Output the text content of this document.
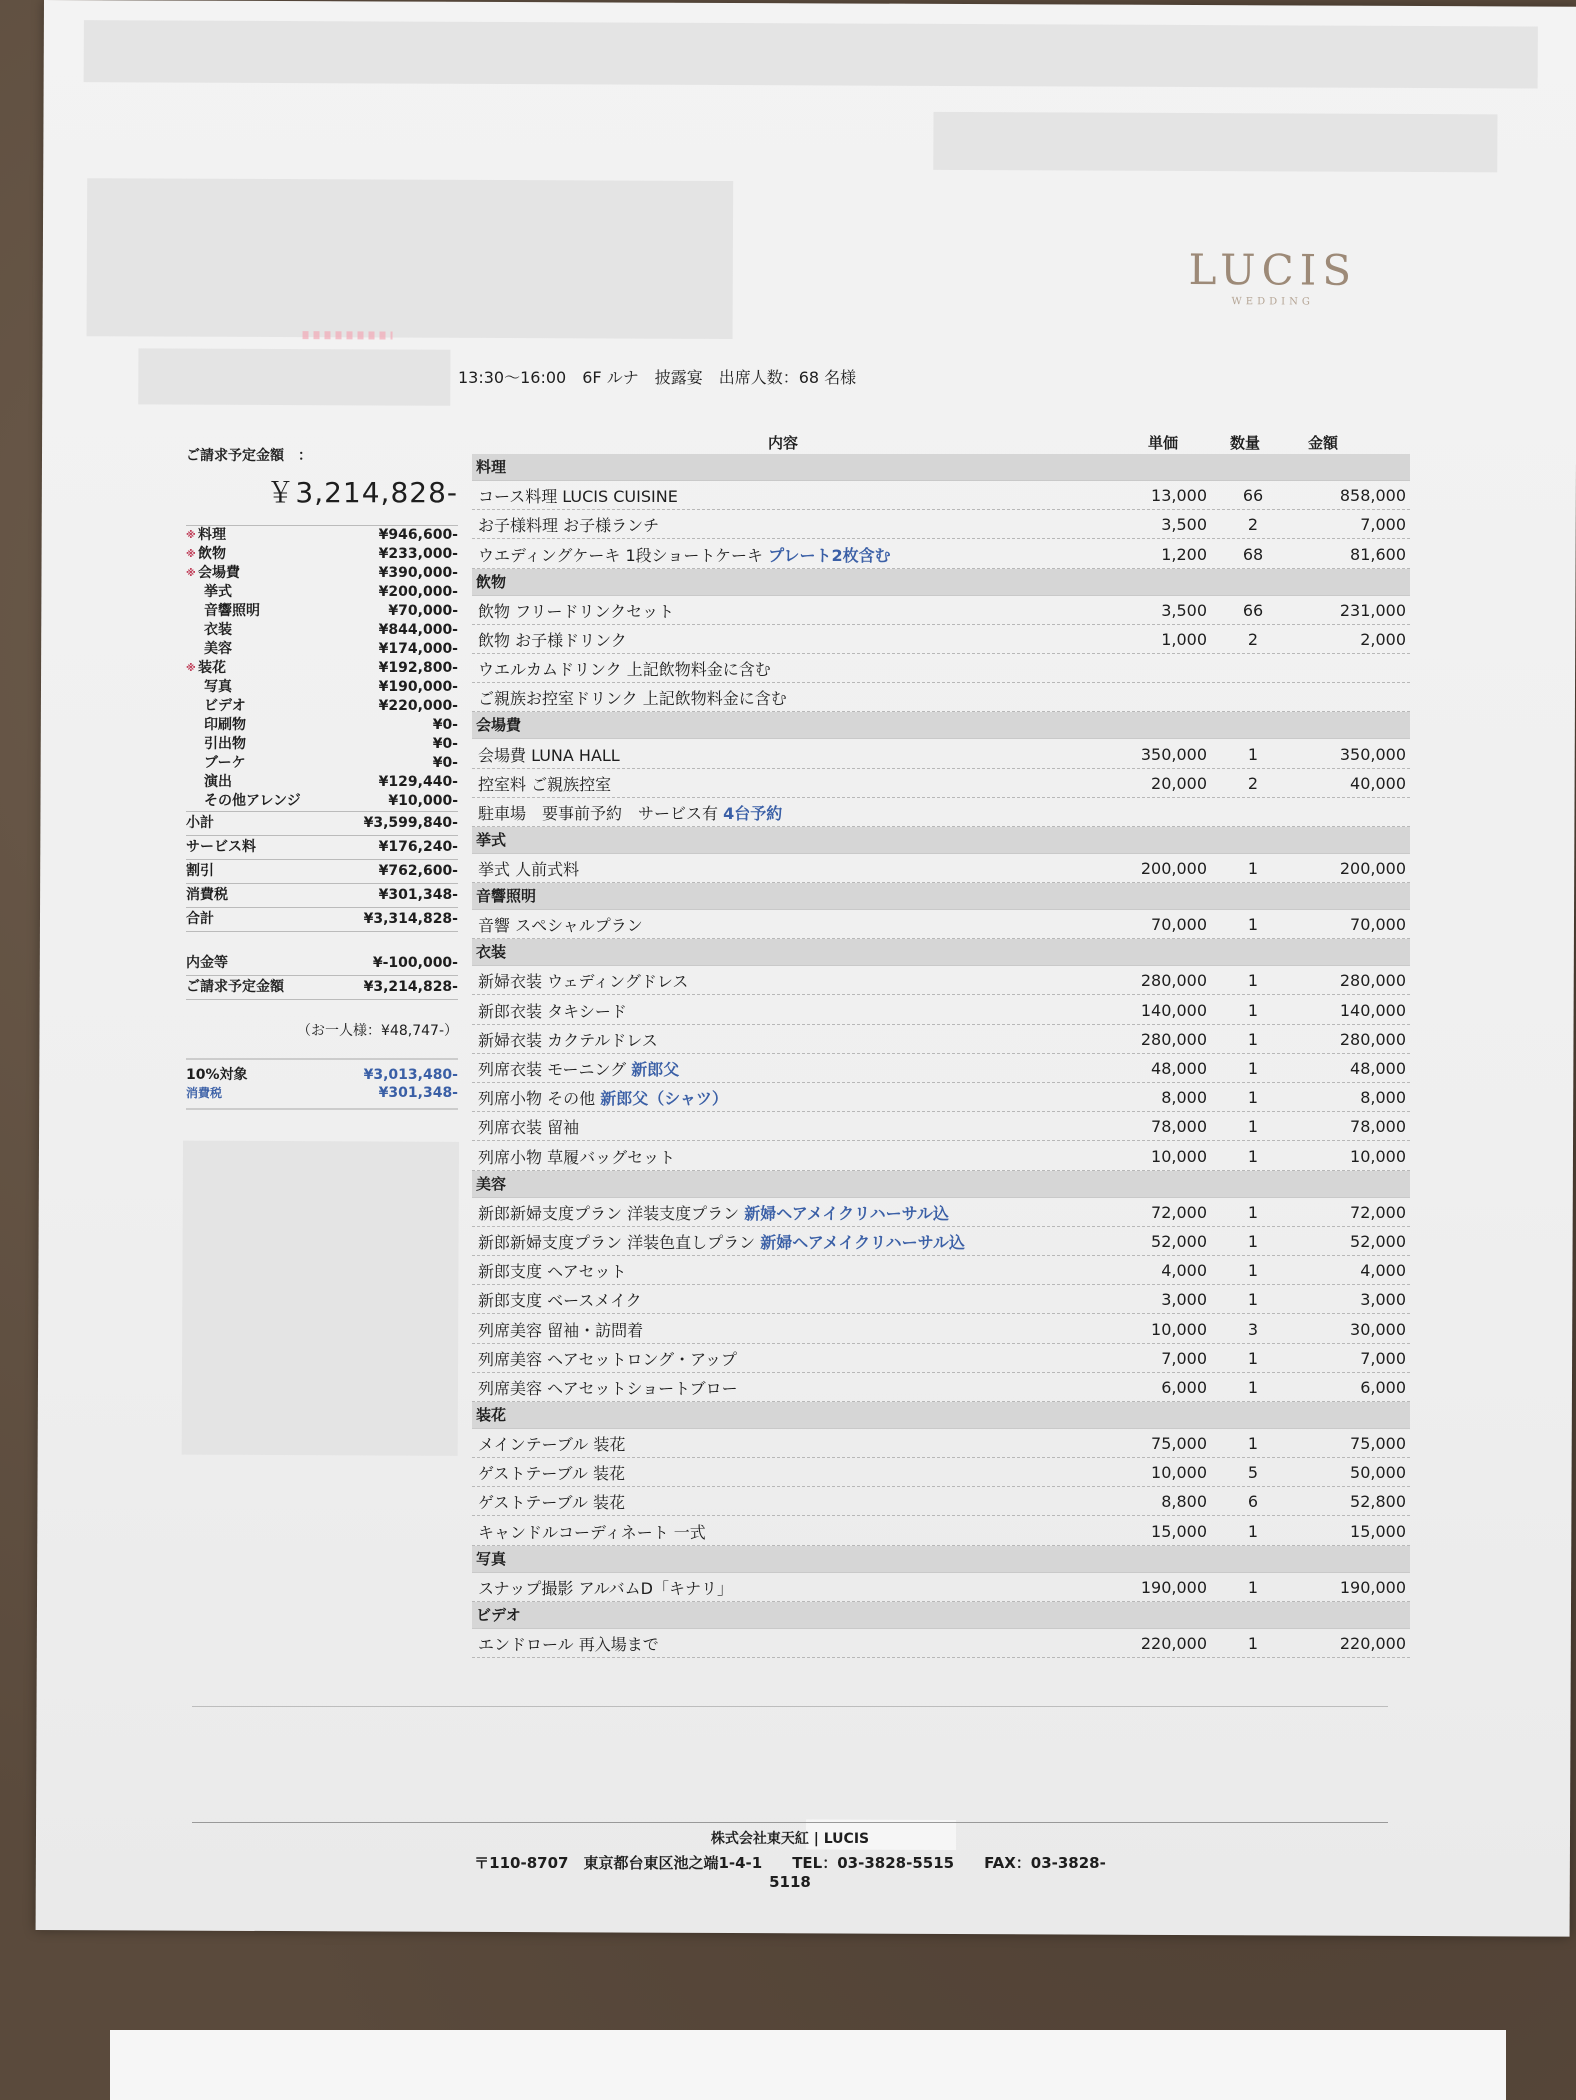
LUCIS
WEDDING
13:30〜16:00　6F ルナ　披露宴　出席人数：68 名様
ご請求予定金額　：
￥3,214,828-
※ 料理	¥946,600-
※ 飲物	¥233,000-
※ 会場費	¥390,000-
挙式	¥200,000-
音響照明	¥70,000-
衣装	¥844,000-
美容	¥174,000-
※ 装花	¥192,800-
写真	¥190,000-
ビデオ	¥220,000-
印刷物	¥0-
引出物	¥0-
ブーケ	¥0-
演出	¥129,440-
その他アレンジ	¥10,000-
小計	¥3,599,840-
サービス料	¥176,240-
割引	¥762,600-
消費税	¥301,348-
合計	¥3,314,828-
内金等	¥-100,000-
ご請求予定金額	¥3,214,828-
（お一人様：¥48,747-）
10%対象	¥3,013,480-
消費税	¥301,348-
内容	単価	数量	金額
料理
コース料理 LUCIS CUISINE	13,000	66	858,000
お子様料理 お子様ランチ	3,500	2	7,000
ウエディングケーキ 1段ショートケーキ プレート2枚含む	1,200	68	81,600
飲物
飲物 フリードリンクセット	3,500	66	231,000
飲物 お子様ドリンク	1,000	2	2,000
ウエルカムドリンク 上記飲物料金に含む
ご親族お控室ドリンク 上記飲物料金に含む
会場費
会場費 LUNA HALL	350,000	1	350,000
控室料 ご親族控室	20,000	2	40,000
駐車場　要事前予約　サービス有 4台予約
挙式
挙式 人前式料	200,000	1	200,000
音響照明
音響 スペシャルプラン	70,000	1	70,000
衣装
新婦衣装 ウェディングドレス	280,000	1	280,000
新郎衣装 タキシード	140,000	1	140,000
新婦衣装 カクテルドレス	280,000	1	280,000
列席衣装 モーニング 新郎父	48,000	1	48,000
列席小物 その他 新郎父（シャツ）	8,000	1	8,000
列席衣装 留袖	78,000	1	78,000
列席小物 草履バッグセット	10,000	1	10,000
美容
新郎新婦支度プラン 洋装支度プラン 新婦ヘアメイクリハーサル込	72,000	1	72,000
新郎新婦支度プラン 洋装色直しプラン 新婦ヘアメイクリハーサル込	52,000	1	52,000
新郎支度 ヘアセット	4,000	1	4,000
新郎支度 ベースメイク	3,000	1	3,000
列席美容 留袖・訪問着	10,000	3	30,000
列席美容 ヘアセットロング・アップ	7,000	1	7,000
列席美容 ヘアセットショートブロー	6,000	1	6,000
装花
メインテーブル 装花	75,000	1	75,000
ゲストテーブル 装花	10,000	5	50,000
ゲストテーブル 装花	8,800	6	52,800
キャンドルコーディネート 一式	15,000	1	15,000
写真
スナップ撮影 アルバムD「キナリ」	190,000	1	190,000
ビデオ
エンドロール 再入場まで	220,000	1	220,000
株式会社東天紅 | LUCIS
〒110-8707　東京都台東区池之端1-4-1　　TEL：03-3828-5515　　FAX：03-3828-5118
